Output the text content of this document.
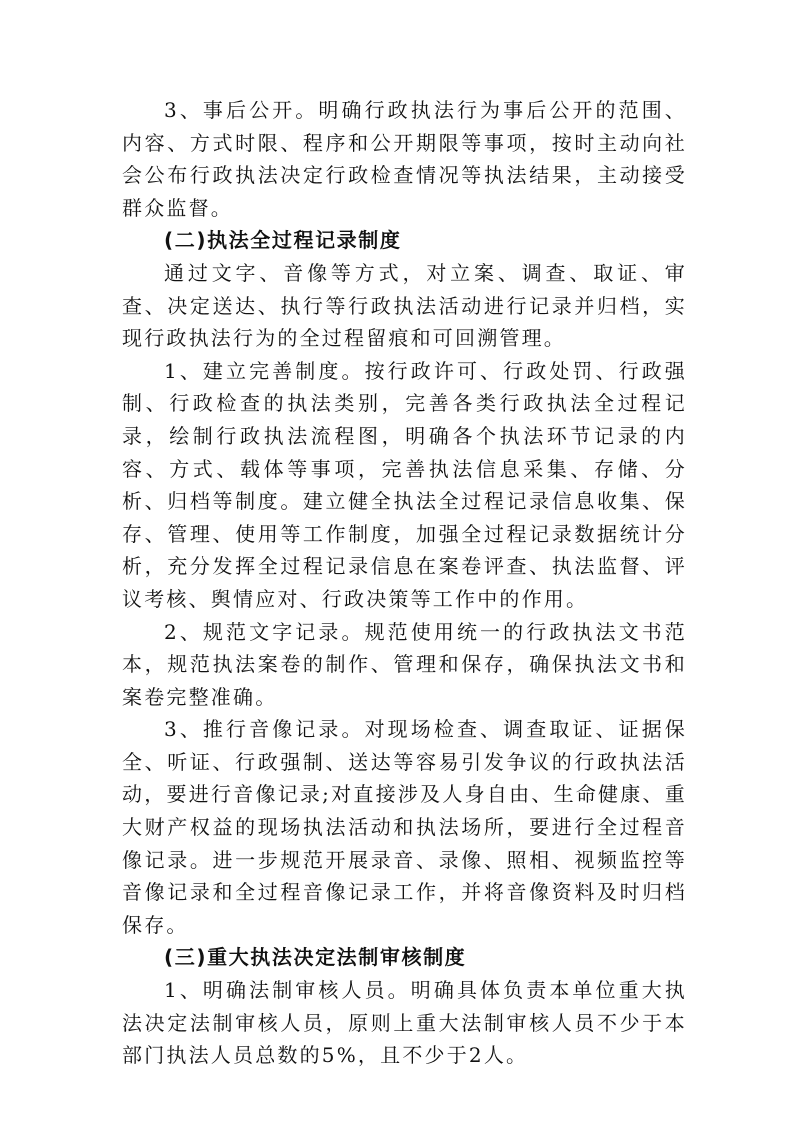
3、事后公开。明确行政执法行为事后公开的范围、内容、方式时限、程序和公开期限等事项，按时主动向社会公布行政执法决定行政检查情况等执法结果，主动接受群众监督。

(二)执法全过程记录制度

通过文字、音像等方式，对立案、调查、取证、审查、决定送达、执行等行政执法活动进行记录并归档，实现行政执法行为的全过程留痕和可回溯管理。

1、建立完善制度。按行政许可、行政处罚、行政强制、行政检查的执法类别，完善各类行政执法全过程记录，绘制行政执法流程图，明确各个执法环节记录的内容、方式、载体等事项，完善执法信息采集、存储、分析、归档等制度。建立健全执法全过程记录信息收集、保存、管理、使用等工作制度，加强全过程记录数据统计分析，充分发挥全过程记录信息在案卷评查、执法监督、评议考核、舆情应对、行政决策等工作中的作用。

2、规范文字记录。规范使用统一的行政执法文书范本，规范执法案卷的制作、管理和保存，确保执法文书和案卷完整准确。

3、推行音像记录。对现场检查、调查取证、证据保全、听证、行政强制、送达等容易引发争议的行政执法活动，要进行音像记录;对直接涉及人身自由、生命健康、重大财产权益的现场执法活动和执法场所，要进行全过程音像记录。进一步规范开展录音、录像、照相、视频监控等音像记录和全过程音像记录工作，并将音像资料及时归档保存。

(三)重大执法决定法制审核制度

1、明确法制审核人员。明确具体负责本单位重大执法决定法制审核人员，原则上重大法制审核人员不少于本部门执法人员总数的5%，且不少于2人。
